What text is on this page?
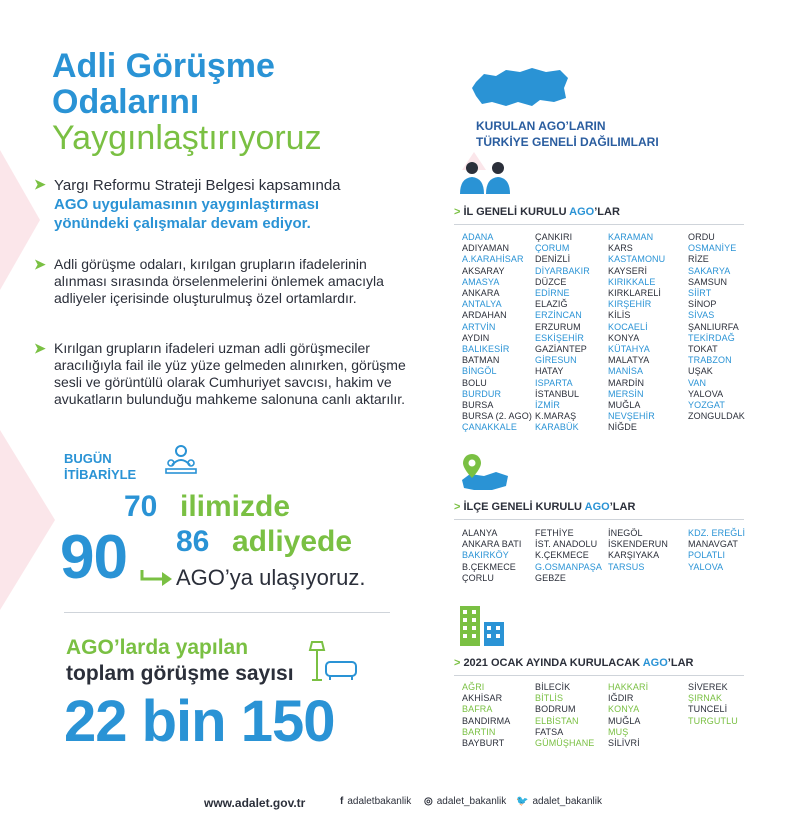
Adli Görüşme
Odalarını
Yaygınlaştırıyoruz
➤ Yargı Reformu Strateji Belgesi kapsamında
AGO uygulamasının yaygınlaştırması
yönündeki çalışmalar devam ediyor.
➤ Adli görüşme odaları, kırılgan grupların ifadelerinin alınması sırasında örselenmelerini önlemek amacıyla adliyeler içerisinde oluşturulmuş özel ortamlardır.
➤ Kırılgan grupların ifadeleri uzman adli görüşmeciler aracılığıyla fail ile yüz yüze gelmeden alınırken, görüşme sesli ve görüntülü olarak Cumhuriyet savcısı, hakim ve avukatların bulunduğu mahkeme salonuna canlı aktarılır.
BUGÜN
İTİBARİYLE
70 ilimizde
90 86 adliyede
AGO’ya ulaşıyoruz.
AGO’larda yapılan
toplam görüşme sayısı
22 bin 150
KURULAN AGO’LARIN
TÜRKİYE GENELİ DAĞILIMLARI
> İL GENELİ KURULU AGO’LAR
ADANA
ADIYAMAN
A.KARAHİSAR
AKSARAY
AMASYA
ANKARA
ANTALYA
ARDAHAN
ARTVİN
AYDIN
BALIKESİR
BATMAN
BİNGÖL
BOLU
BURDUR
BURSA
BURSA (2. AGO)
ÇANAKKALE
ÇANKIRI
ÇORUM
DENİZLİ
DİYARBAKIR
DÜZCE
EDİRNE
ELAZIĞ
ERZİNCAN
ERZURUM
ESKİŞEHİR
GAZİANTEP
GİRESUN
HATAY
ISPARTA
İSTANBUL
İZMİR
K.MARAŞ
KARABÜK
KARAMAN
KARS
KASTAMONU
KAYSERİ
KIRIKKALE
KIRKLARELİ
KIRŞEHİR
KİLİS
KOCAELİ
KONYA
KÜTAHYA
MALATYA
MANİSA
MARDİN
MERSİN
MUĞLA
NEVŞEHİR
NİĞDE
ORDU
OSMANİYE
RİZE
SAKARYA
SAMSUN
SİİRT
SİNOP
SİVAS
ŞANLIURFA
TEKİRDAĞ
TOKAT
TRABZON
UŞAK
VAN
YALOVA
YOZGAT
ZONGULDAK
> İLÇE GENELİ KURULU AGO’LAR
ALANYA
ANKARA BATI
BAKIRKÖY
B.ÇEKMECE
ÇORLU
FETHİYE
İST. ANADOLU
K.ÇEKMECE
G.OSMANPAŞA
GEBZE
İNEGÖL
İSKENDERUN
KARŞIYAKA
TARSUS
KDZ. EREĞLİ
MANAVGAT
POLATLI
YALOVA
> 2021 OCAK AYINDA KURULACAK AGO’LAR
AĞRI
AKHİSAR
BAFRA
BANDIRMA
BARTIN
BAYBURT
BİLECİK
BİTLİS
BODRUM
ELBİSTAN
FATSA
GÜMÜŞHANE
HAKKARİ
IĞDIR
KONYA
MUĞLA
MUŞ
SİLİVRİ
SİVEREK
ŞIRNAK
TUNCELİ
TURGUTLU
www.adalet.gov.tr	f adaletbakanlik ◎ adalet_bakanlik 🐦 adalet_bakanlik
